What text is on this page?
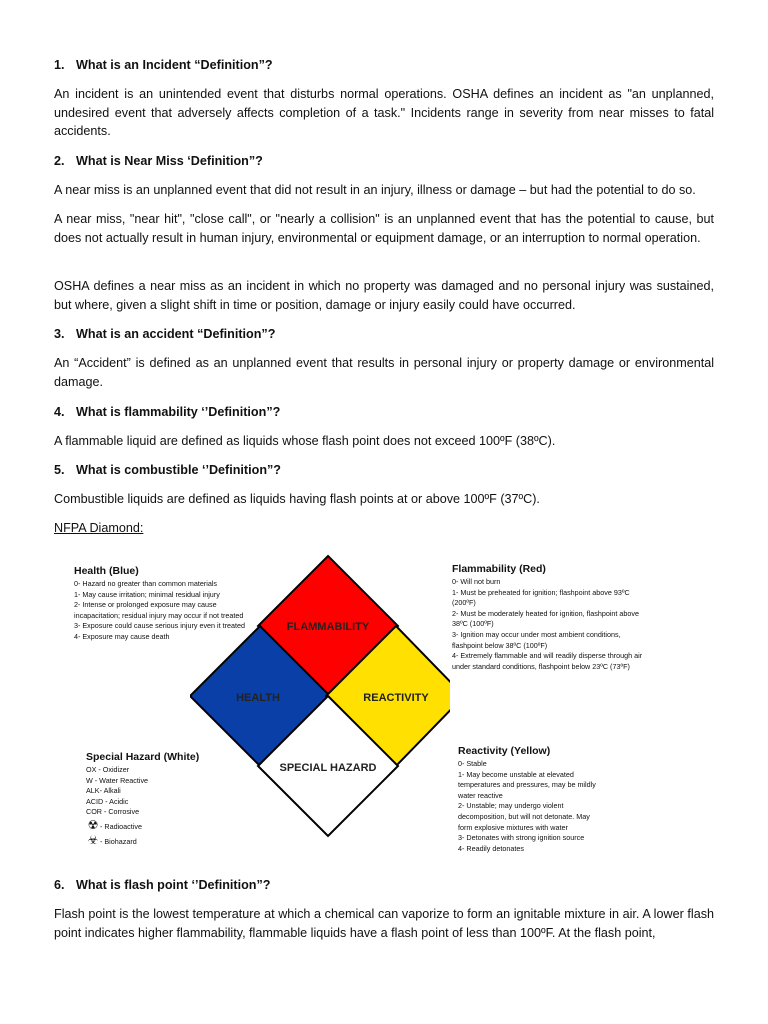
1. What is an Incident “Definition”?
An incident is an unintended event that disturbs normal operations. OSHA defines an incident as "an unplanned, undesired event that adversely affects completion of a task." Incidents range in severity from near misses to fatal accidents.
2. What is Near Miss ‘Definition”?
A near miss is an unplanned event that did not result in an injury, illness or damage – but had the potential to do so.
A near miss, "near hit", "close call", or "nearly a collision" is an unplanned event that has the potential to cause, but does not actually result in human injury, environmental or equipment damage, or an interruption to normal operation.
OSHA defines a near miss as an incident in which no property was damaged and no personal injury was sustained, but where, given a slight shift in time or position, damage or injury easily could have occurred.
3. What is an accident “Definition”?
An “Accident” is defined as an unplanned event that results in personal injury or property damage or environmental damage.
4. What is flammability ‘’Definition”?
A flammable liquid are defined as liquids whose flash point does not exceed 100ºF (38ºC).
5. What is combustible ‘’Definition”?
Combustible liquids are defined as liquids having flash points at or above 100ºF (37ºC).
NFPA Diamond:
FLAMMABILITY
HEALTH	REACTIVITY
SPECIAL HAZARD
Health (Blue)
0- Hazard no greater than common materials
1- May cause irritation; minimal residual injury
2- Intense or prolonged exposure may cause
incapacitation; residual injury may occur if not treated
3- Exposure could cause serious injury even it treated
4- Exposure may cause death
Flammability (Red)
0- Will not burn
1- Must be preheated for ignition; flashpoint above 93ºC
(200ºF)
2- Must be moderately heated for ignition, flashpoint above
38ºC (100ºF)
3- Ignition may occur under most ambient conditions,
flashpoint below 38ºC (100ºF)
4- Extremely flammable and will readily disperse through air
under standard conditions, flashpoint below 23ºC (73ºF)
Special Hazard (White)
OX - Oxidizer
W - Water Reactive
ALK- Alkali
ACID - Acidic
COR - Corrosive
☢ - Radioactive
☣ - Biohazard
Reactivity (Yellow)
0- Stable
1- May become unstable at elevated
temperatures and pressures, may be mildly
water reactive
2- Unstable; may undergo violent
decomposition, but will not detonate. May
form explosive mixtures with water
3- Detonates with strong ignition source
4- Readily detonates
6. What is flash point ‘’Definition”?
Flash point is the lowest temperature at which a chemical can vaporize to form an ignitable mixture in air. A lower flash point indicates higher flammability, flammable liquids have a flash point of less than 100ºF. At the flash point,
